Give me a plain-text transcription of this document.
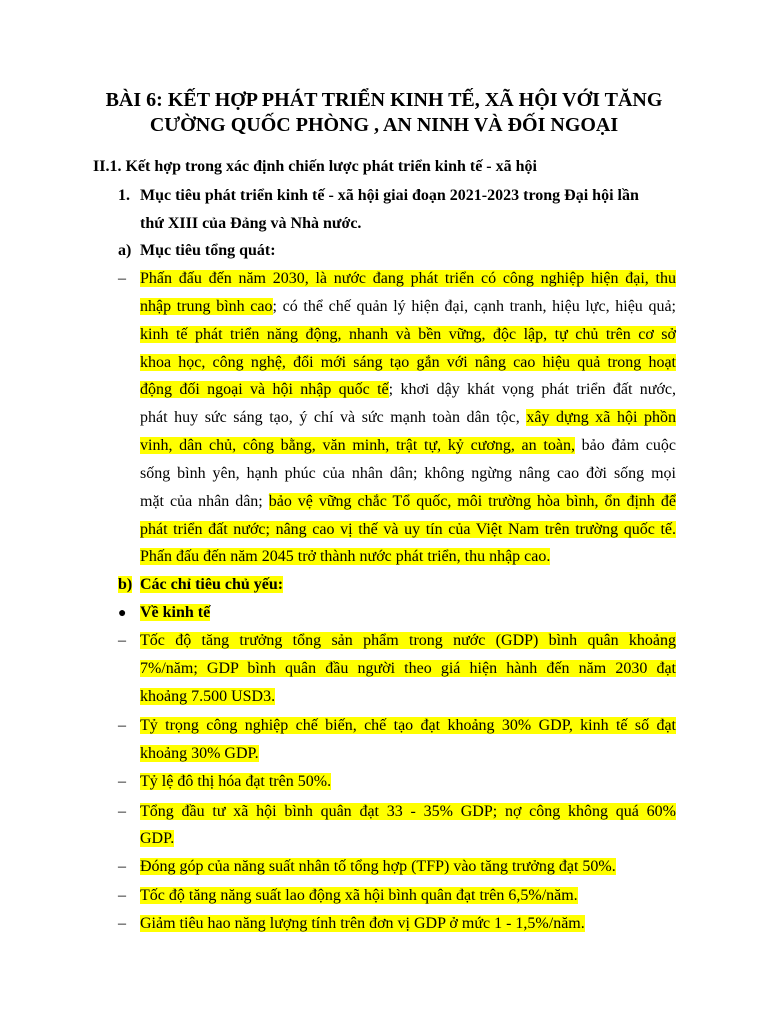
BÀI 6: KẾT HỢP PHÁT TRIỂN KINH TẾ, XÃ HỘI VỚI TĂNG
CƯỜNG QUỐC PHÒNG , AN NINH VÀ ĐỐI NGOẠI
II.1. Kết hợp trong xác định chiến lược phát triển kinh tế - xã hội
1. Mục tiêu phát triển kinh tế - xã hội giai đoạn 2021-2023 trong Đại hội lần
thứ XIII của Đảng và Nhà nước.
a) Mục tiêu tổng quát:
– Phấn đấu đến năm 2030, là nước đang phát triển có công nghiệp hiện đại, thu
nhập trung bình cao; có thể chế quản lý hiện đại, cạnh tranh, hiệu lực, hiệu quả;
kinh tế phát triển năng động, nhanh và bền vững, độc lập, tự chủ trên cơ sở
khoa học, công nghệ, đổi mới sáng tạo gắn với nâng cao hiệu quả trong hoạt
động đối ngoại và hội nhập quốc tế; khơi dậy khát vọng phát triển đất nước,
phát huy sức sáng tạo, ý chí và sức mạnh toàn dân tộc, xây dựng xã hội phồn
vinh, dân chủ, công bằng, văn minh, trật tự, kỷ cương, an toàn, bảo đảm cuộc
sống bình yên, hạnh phúc của nhân dân; không ngừng nâng cao đời sống mọi
mặt của nhân dân; bảo vệ vững chắc Tổ quốc, môi trường hòa bình, ổn định để
phát triển đất nước; nâng cao vị thế và uy tín của Việt Nam trên trường quốc tế.
Phấn đấu đến năm 2045 trở thành nước phát triển, thu nhập cao.
b) Các chỉ tiêu chủ yếu:
● Về kinh tế
– Tốc độ tăng trưởng tổng sản phẩm trong nước (GDP) bình quân khoảng
7%/năm; GDP bình quân đầu người theo giá hiện hành đến năm 2030 đạt
khoảng 7.500 USD3.
– Tỷ trọng công nghiệp chế biến, chế tạo đạt khoảng 30% GDP, kinh tế số đạt
khoảng 30% GDP.
– Tỷ lệ đô thị hóa đạt trên 50%.
– Tổng đầu tư xã hội bình quân đạt 33 - 35% GDP; nợ công không quá 60%
GDP.
– Đóng góp của năng suất nhân tố tổng hợp (TFP) vào tăng trưởng đạt 50%.
– Tốc độ tăng năng suất lao động xã hội bình quân đạt trên 6,5%/năm.
– Giảm tiêu hao năng lượng tính trên đơn vị GDP ở mức 1 - 1,5%/năm.
